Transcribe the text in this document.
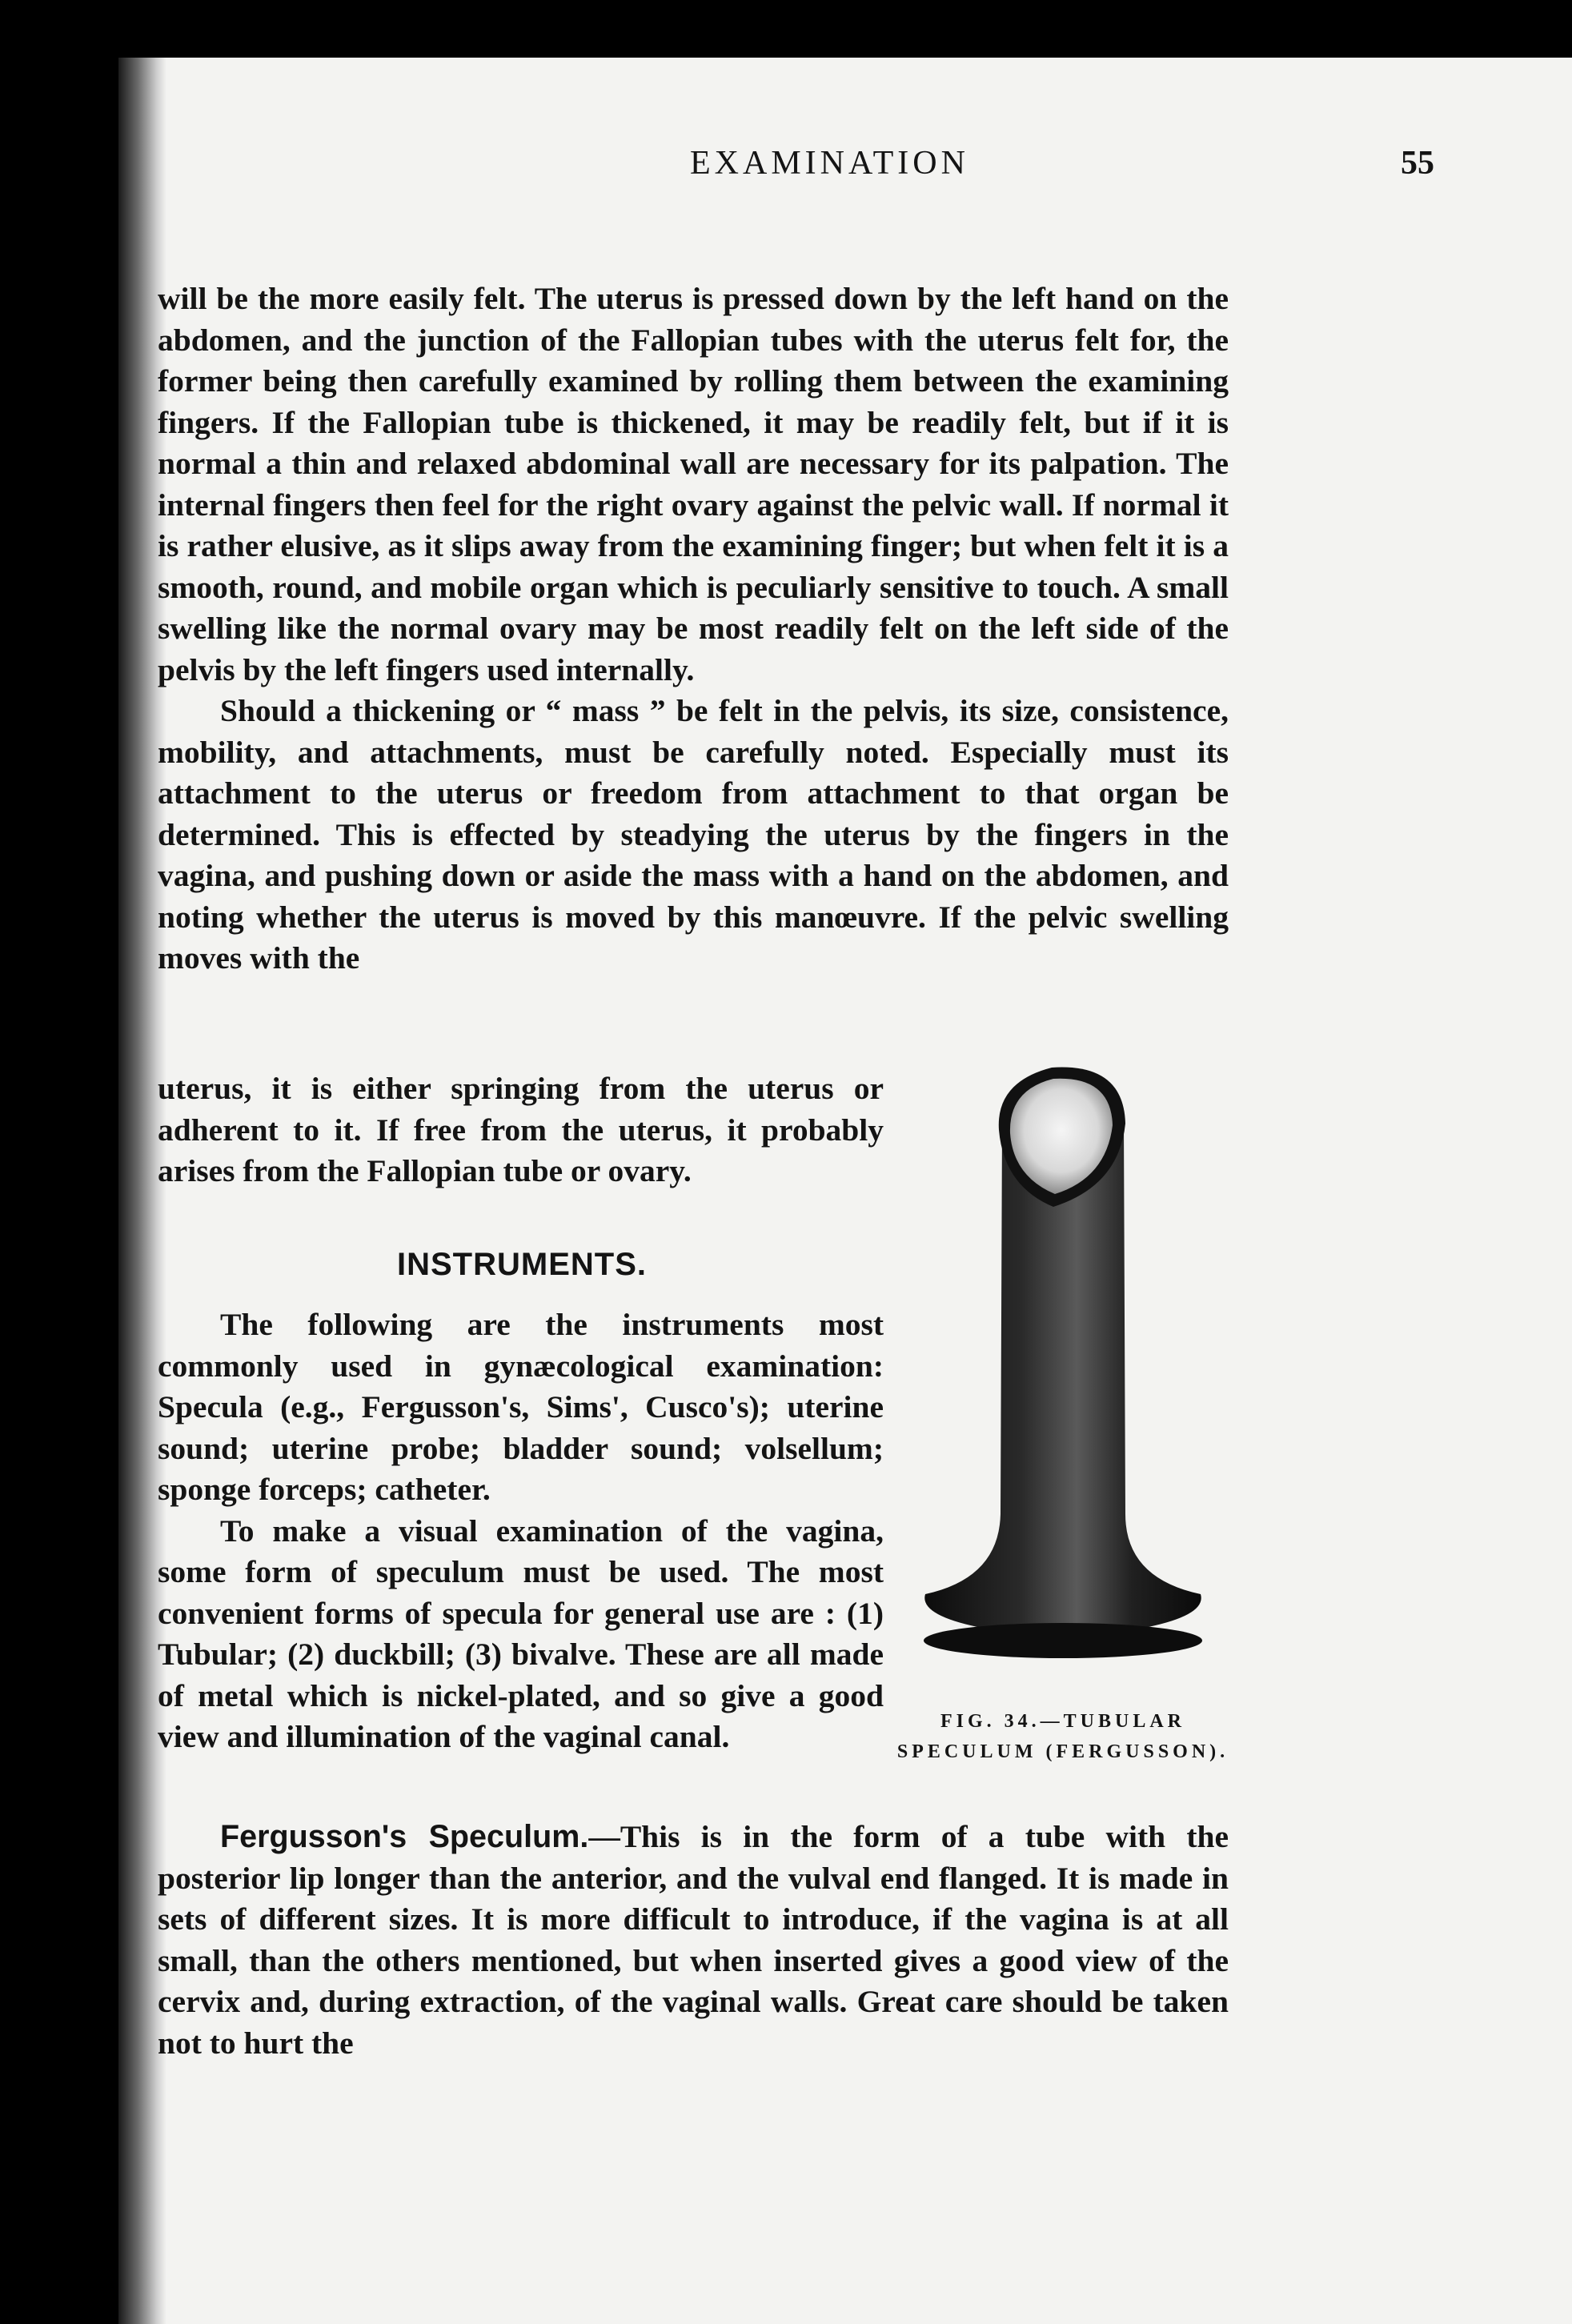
EXAMINATION	55

will be the more easily felt. The uterus is pressed down by the left hand on the abdomen, and the junction of the Fallopian tubes with the uterus felt for, the former being then carefully examined by rolling them between the examining fingers. If the Fallopian tube is thickened, it may be readily felt, but if it is normal a thin and relaxed abdominal wall are necessary for its palpation. The internal fingers then feel for the right ovary against the pelvic wall. If normal it is rather elusive, as it slips away from the examining finger; but when felt it is a smooth, round, and mobile organ which is peculiarly sensitive to touch. A small swelling like the normal ovary may be most readily felt on the left side of the pelvis by the left fingers used internally.

Should a thickening or “ mass ” be felt in the pelvis, its size, consistence, mobility, and attachments, must be carefully noted. Especially must its attachment to the uterus or freedom from attachment to that organ be determined. This is effected by steadying the uterus by the fingers in the vagina, and pushing down or aside the mass with a hand on the abdomen, and noting whether the uterus is moved by this manœuvre. If the pelvic swelling moves with the

uterus, it is either springing from the uterus or adherent to it. If free from the uterus, it probably arises from the Fallopian tube or ovary.

INSTRUMENTS.

The following are the instruments most commonly used in gynæcological examination: Specula (e.g., Fergusson's, Sims', Cusco's); uterine sound; uterine probe; bladder sound; volsellum; sponge forceps; catheter.

To make a visual examination of the vagina, some form of speculum must be used. The most convenient forms of specula for general use are : (1) Tubular; (2) duckbill; (3) bivalve. These are all made of metal which is nickel-plated, and so give a good view and illumination of the vaginal canal.

Fergusson's Speculum.—This is in the form of a tube with the posterior lip longer than the anterior, and the vulval end flanged. It is made in sets of different sizes. It is more difficult to introduce, if the vagina is at all small, than the others mentioned, but when inserted gives a good view of the cervix and, during extraction, of the vaginal walls. Great care should be taken not to hurt the

FIG. 34.—TUBULAR
SPECULUM (FERGUSSON).
